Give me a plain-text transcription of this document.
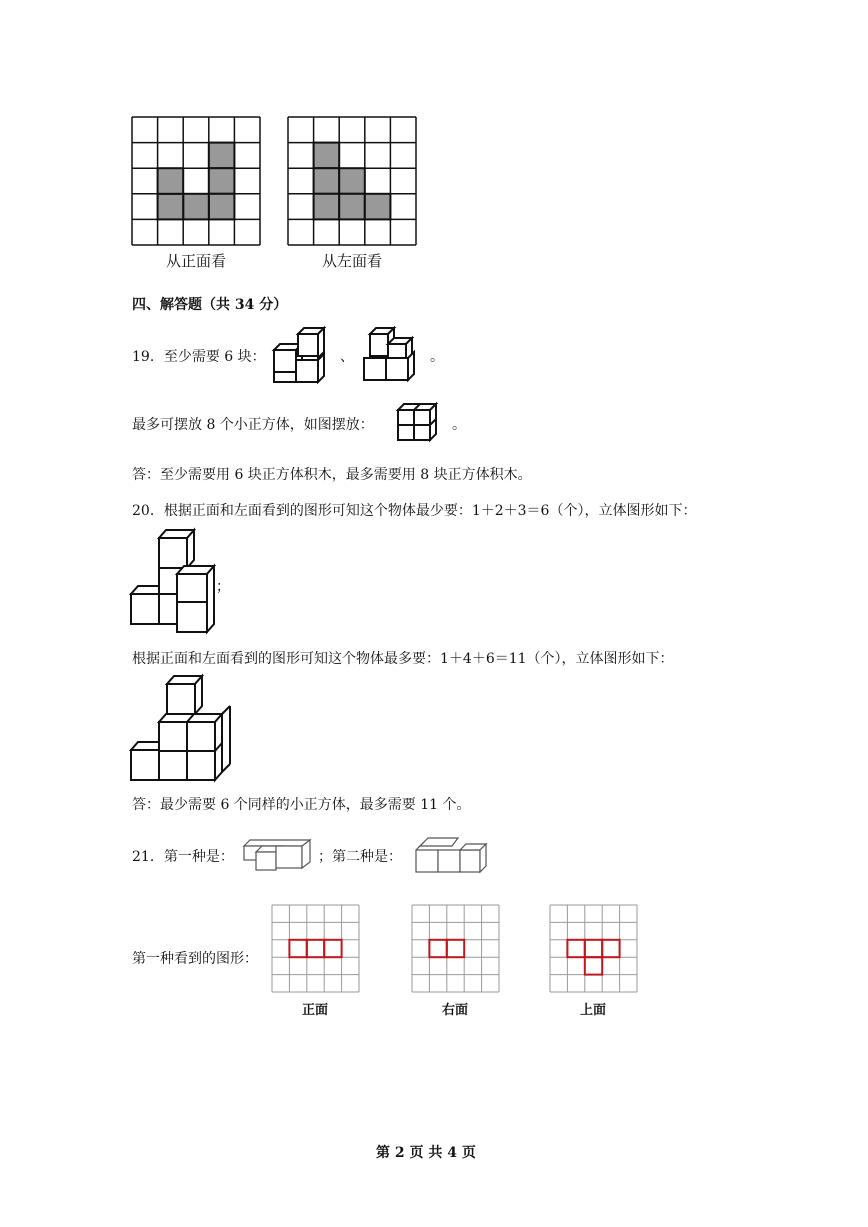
从正面看	从左面看
四、解答题（共 34 分）
19．至少需要 6 块：	、	。
最多可摆放 8 个小正方体，如图摆放：	。
答：至少需要用 6 块正方体积木，最多需要用 8 块正方体积木。
20．根据正面和左面看到的图形可知这个物体最少要：1＋2＋3＝6（个），立体图形如下：
；
根据正面和左面看到的图形可知这个物体最多要：1＋4＋6＝11（个），立体图形如下：
答：最少需要 6 个同样的小正方体，最多需要 11 个。
21．第一种是：	；第二种是：
第一种看到的图形：
正面	右面	上面
第 2 页 共 4 页
